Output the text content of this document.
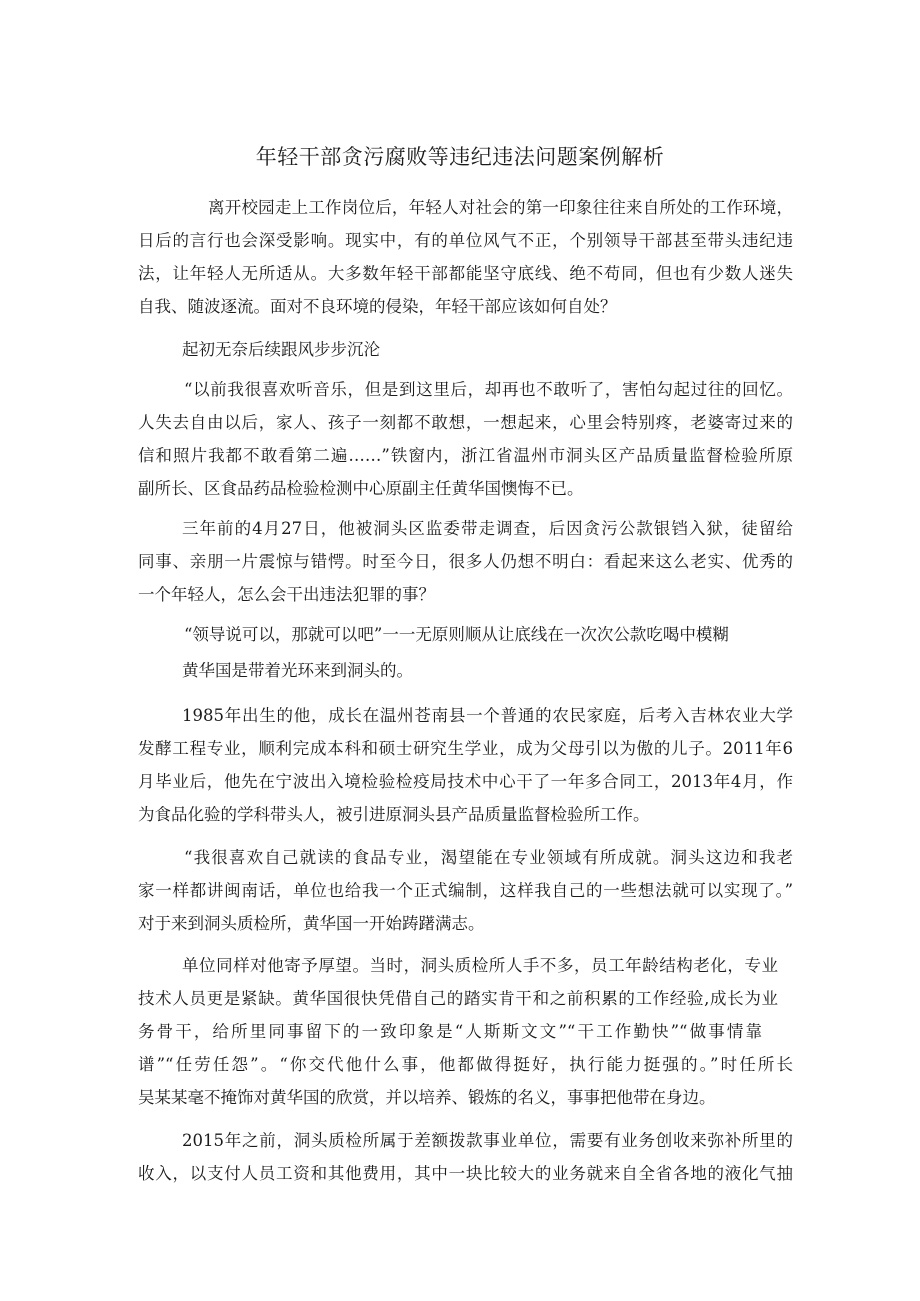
年轻干部贪污腐败等违纪违法问题案例解析
离开校园走上工作岗位后，年轻人对社会的第一印象往往来自所处的工作环境，
日后的言行也会深受影响。现实中，有的单位风气不正，个别领导干部甚至带头违纪违
法，让年轻人无所适从。大多数年轻干部都能坚守底线、绝不苟同，但也有少数人迷失
自我、随波逐流。面对不良环境的侵染，年轻干部应该如何自处？
起初无奈后续跟风步步沉沦
“以前我很喜欢听音乐，但是到这里后，却再也不敢听了，害怕勾起过往的回忆。
人失去自由以后，家人、孩子一刻都不敢想，一想起来，心里会特别疼，老婆寄过来的
信和照片我都不敢看第二遍……”铁窗内，浙江省温州市洞头区产品质量监督检验所原
副所长、区食品药品检验检测中心原副主任黄华国懊悔不已。
三年前的4月27日，他被洞头区监委带走调查，后因贪污公款银铛入狱，徒留给
同事、亲朋一片震惊与错愕。时至今日，很多人仍想不明白：看起来这么老实、优秀的
一个年轻人，怎么会干出违法犯罪的事？
“领导说可以，那就可以吧”一一无原则顺从让底线在一次次公款吃喝中模糊
黄华国是带着光环来到洞头的。
1985年出生的他，成长在温州苍南县一个普通的农民家庭，后考入吉林农业大学
发酵工程专业，顺利完成本科和硕士研究生学业，成为父母引以为傲的儿子。2011年6
月毕业后，他先在宁波出入境检验检疫局技术中心干了一年多合同工，2013年4月，作
为食品化验的学科带头人，被引进原洞头县产品质量监督检验所工作。
“我很喜欢自己就读的食品专业，渴望能在专业领域有所成就。洞头这边和我老
家一样都讲闽南话，单位也给我一个正式编制，这样我自己的一些想法就可以实现了。”
对于来到洞头质检所，黄华国一开始踌躇满志。
单位同样对他寄予厚望。当时，洞头质检所人手不多，员工年龄结构老化，专业
技术人员更是紧缺。黄华国很快凭借自己的踏实肯干和之前积累的工作经验,成长为业
务骨干，给所里同事留下的一致印象是“人斯斯文文”“干工作勤快”“做事情靠
谱”“任劳任怨”。“你交代他什么事，他都做得挺好，执行能力挺强的。”时任所长
吴某某毫不掩饰对黄华国的欣赏，并以培养、锻炼的名义，事事把他带在身边。
2015年之前，洞头质检所属于差额拨款事业单位，需要有业务创收来弥补所里的
收入，以支付人员工资和其他费用，其中一块比较大的业务就来自全省各地的液化气抽
